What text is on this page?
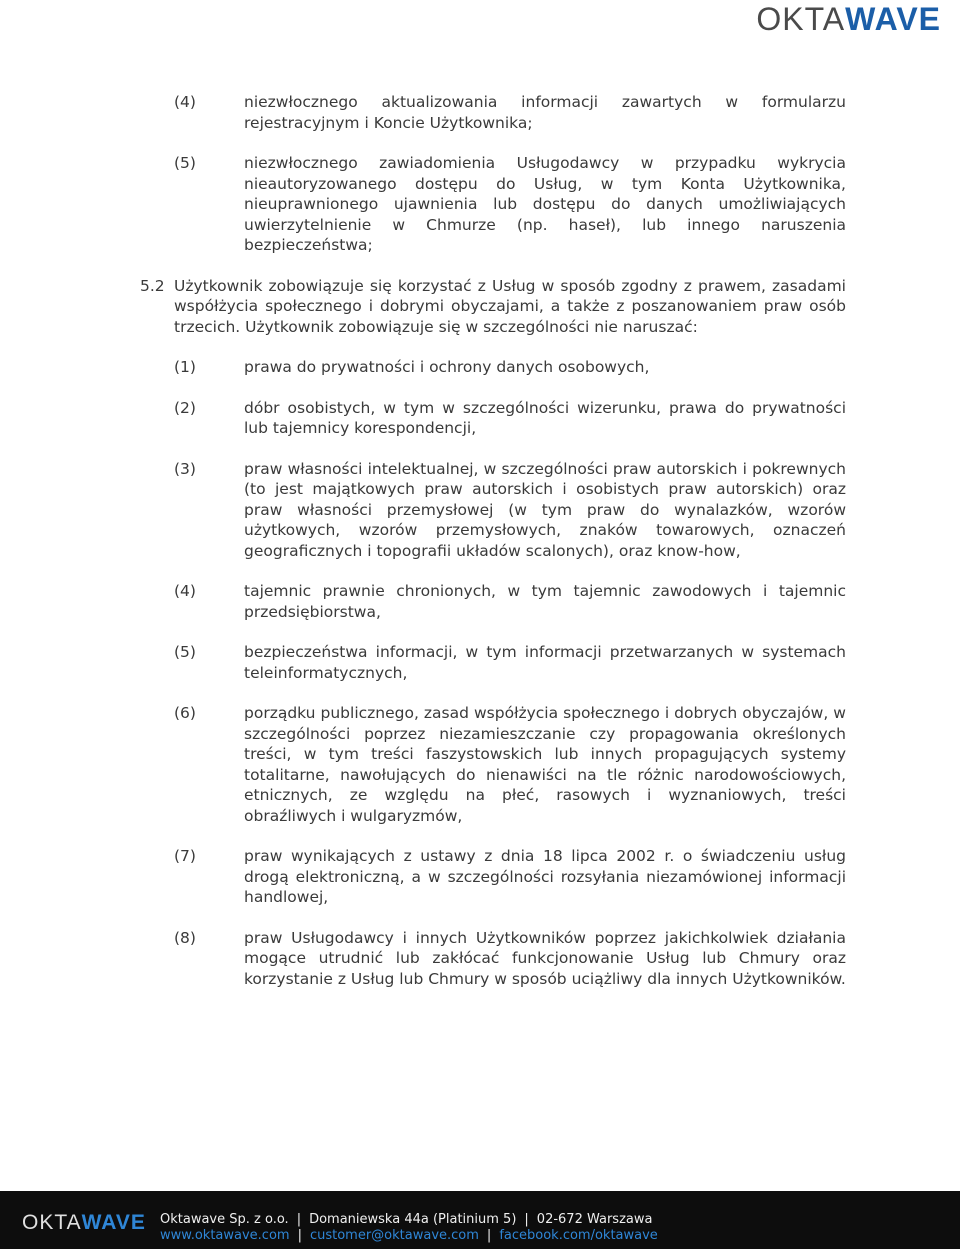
OKTAWAVE
(4)	niezwłocznego aktualizowania informacji zawartych w formularzu rejestracyjnym i Koncie Użytkownika;
(5)	niezwłocznego zawiadomienia Usługodawcy w przypadku wykrycia nieautoryzowanego dostępu do Usług, w tym Konta Użytkownika, nieuprawnionego ujawnienia lub dostępu do danych umożliwiających uwierzytelnienie w Chmurze (np. haseł), lub innego naruszenia bezpieczeństwa;
5.2 Użytkownik zobowiązuje się korzystać z Usług w sposób zgodny z prawem, zasadami współżycia społecznego i dobrymi obyczajami, a także z poszanowaniem praw osób trzecich. Użytkownik zobowiązuje się w szczególności nie naruszać:
(1)	prawa do prywatności i ochrony danych osobowych,
(2)	dóbr osobistych, w tym w szczególności wizerunku, prawa do prywatności lub tajemnicy korespondencji,
(3)	praw własności intelektualnej, w szczególności praw autorskich i pokrewnych (to jest majątkowych praw autorskich i osobistych praw autorskich) oraz praw własności przemysłowej (w tym praw do wynalazków, wzorów użytkowych, wzorów przemysłowych, znaków towarowych, oznaczeń geograficznych i topografii układów scalonych), oraz know-how,
(4)	tajemnic prawnie chronionych, w tym tajemnic zawodowych i tajemnic przedsiębiorstwa,
(5)	bezpieczeństwa informacji, w tym informacji przetwarzanych w systemach teleinformatycznych,
(6)	porządku publicznego, zasad współżycia społecznego i dobrych obyczajów, w szczególności poprzez niezamieszczanie czy propagowania określonych treści, w tym treści faszystowskich lub innych propagujących systemy totalitarne, nawołujących do nienawiści na tle różnic narodowościowych, etnicznych, ze względu na płeć, rasowych i wyznaniowych, treści obraźliwych i wulgaryzmów,
(7)	praw wynikających z ustawy z dnia 18 lipca 2002 r. o świadczeniu usług drogą elektroniczną, a w szczególności rozsyłania niezamówionej informacji handlowej,
(8)	praw Usługodawcy i innych Użytkowników poprzez jakichkolwiek działania mogące utrudnić lub zakłócać funkcjonowanie Usług lub Chmury oraz korzystanie z Usług lub Chmury w sposób uciążliwy dla innych Użytkowników.
OKTAWAVE Oktawave Sp. z o.o. | Domaniewska 44a (Platinium 5) | 02-672 Warszawa
www.oktawave.com | customer@oktawave.com | facebook.com/oktawave
